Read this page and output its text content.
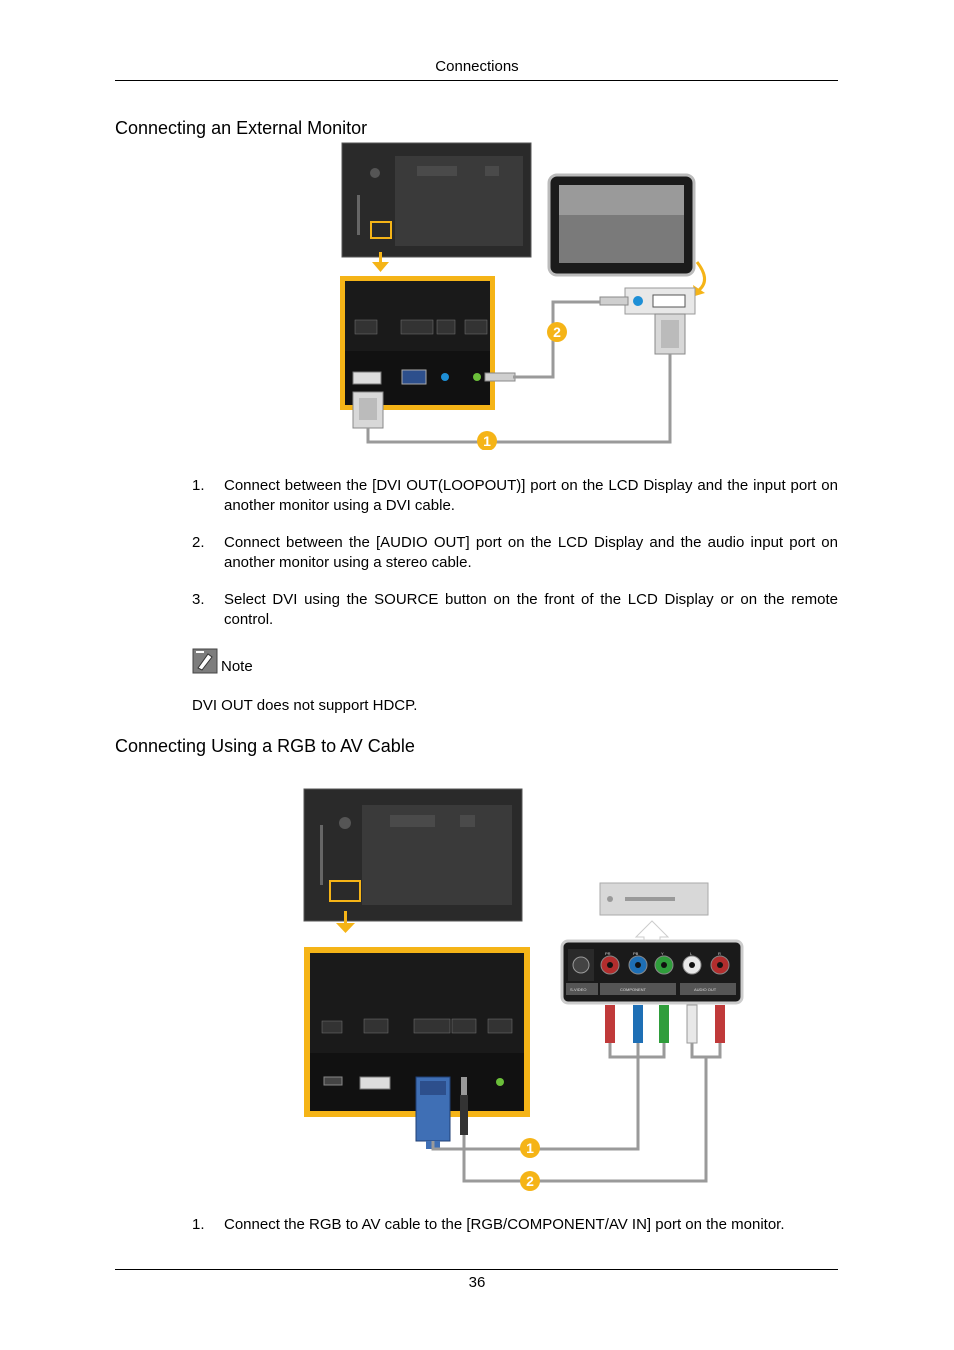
Connections
Connecting an External Monitor
2
1
1.	Connect between the [DVI OUT(LOOPOUT)] port on the LCD Display and the input port on another monitor using a DVI cable.
2.	Connect between the [AUDIO OUT] port on the LCD Display and the audio input port on another monitor using a stereo cable.
3.	Select DVI using the SOURCE button on the front of the LCD Display or on the remote control.
Note
DVI OUT does not support HDCP.
Connecting Using a RGB to AV Cable
PR	PB	Y	L	R
S-VIDEO	COMPONENT	AUDIO OUT
1
2
1.	Connect the RGB to AV cable to the [RGB/COMPONENT/AV IN] port on the monitor.
36
